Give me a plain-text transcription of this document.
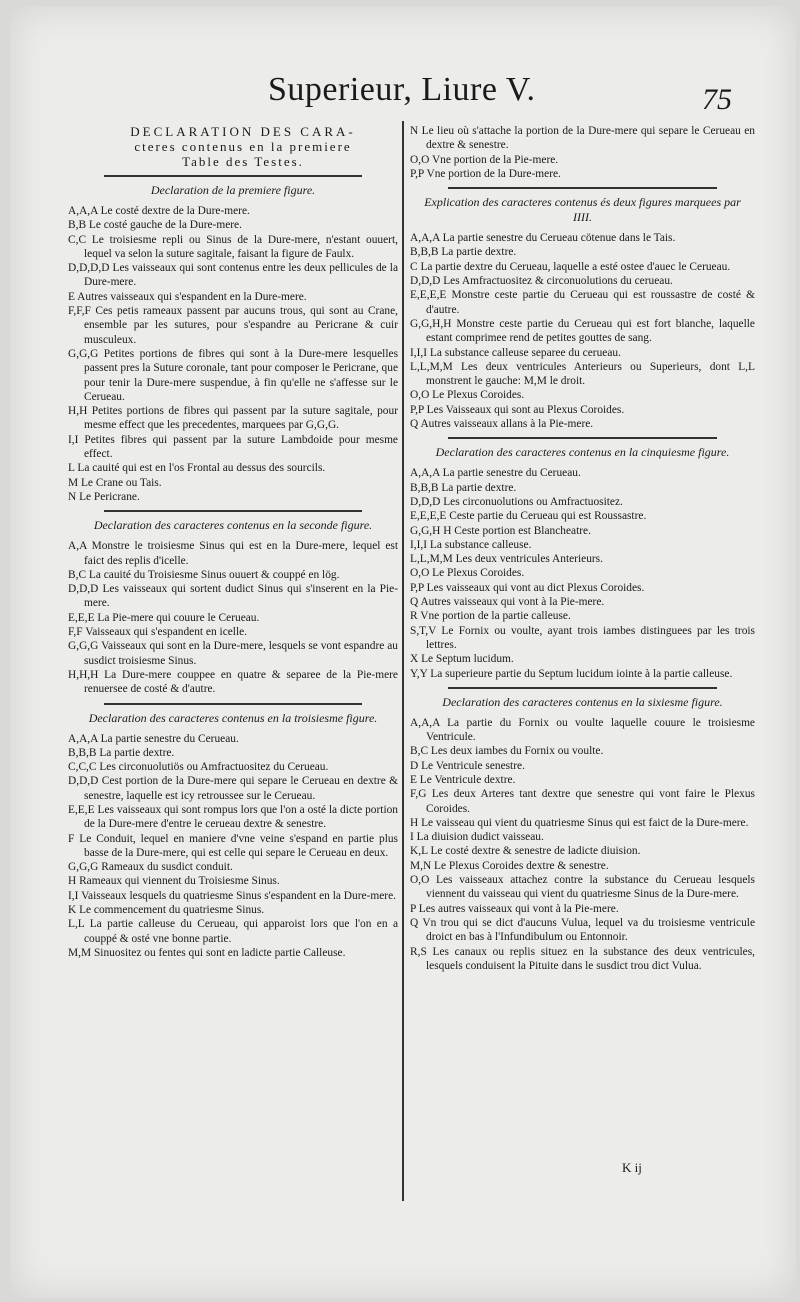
Superieur, Liure V.	75
DECLARATION DES CARA-
cteres contenus en la premiere
Table des Testes.
Declaration de la premiere figure.

A,A,A Le costé dextre de la Dure-mere.

B,B Le costé gauche de la Dure-mere.

C,C Le troisiesme repli ou Sinus de la Dure-mere, n'estant ouuert, lequel va selon la suture sagitale, faisant la figure de Faulx.

D,D,D,D Les vaisseaux qui sont contenus entre les deux pellicules de la Dure-mere.

E Autres vaisseaux qui s'espandent en la Dure-mere.

F,F,F Ces petis rameaux passent par aucuns trous, qui sont au Crane, ensemble par les sutures, pour s'espandre au Pericrane & cuir musculeux.

G,G,G Petites portions de fibres qui sont à la Dure-mere lesquelles passent pres la Suture coronale, tant pour composer le Pericrane, que pour tenir la Dure-mere suspendue, à fin qu'elle ne s'affesse sur le Cerueau.

H,H Petites portions de fibres qui passent par la suture sagitale, pour mesme effect que les precedentes, marquees par G,G,G.

I,I Petites fibres qui passent par la suture Lambdoide pour mesme effect.

L La cauité qui est en l'os Frontal au dessus des sourcils.

M Le Crane ou Tais.

N Le Pericrane.

Declaration des caracteres contenus en la seconde figure.

A,A Monstre le troisiesme Sinus qui est en la Dure-mere, lequel est faict des replis d'icelle.

B,C La cauité du Troisiesme Sinus ouuert & couppé en lög.

D,D,D Les vaisseaux qui sortent dudict Sinus qui s'inserent en la Pie-mere.

E,E,E La Pie-mere qui couure le Cerueau.

F,F Vaisseaux qui s'espandent en icelle.

G,G,G Vaisseaux qui sont en la Dure-mere, lesquels se vont espandre au susdict troisiesme Sinus.

H,H,H La Dure-mere couppee en quatre & separee de la Pie-mere renuersee de costé & d'autre.

Declaration des caracteres contenus en la troisiesme figure.

A,A,A La partie senestre du Cerueau.

B,B,B La partie dextre.

C,C,C Les circonuolutiös ou Amfractuositez du Cerueau.

D,D,D Cest portion de la Dure-mere qui separe le Cerueau en dextre & senestre, laquelle est icy retroussee sur le Cerueau.

E,E,E Les vaisseaux qui sont rompus lors que l'on a osté la dicte portion de la Dure-mere d'entre le cerueau dextre & senestre.

F Le Conduit, lequel en maniere d'vne veine s'espand en partie plus basse de la Dure-mere, qui est celle qui separe le Cerueau en deux.

G,G,G Rameaux du susdict conduit.

H Rameaux qui viennent du Troisiesme Sinus.

I,I Vaisseaux lesquels du quatriesme Sinus s'espandent en la Dure-mere.

K Le commencement du quatriesme Sinus.

L,L La partie calleuse du Cerueau, qui apparoist lors que l'on en a couppé & osté vne bonne partie.

M,M Sinuositez ou fentes qui sont en ladicte partie Calleuse.

N Le lieu où s'attache la portion de la Dure-mere qui separe le Cerueau en dextre & senestre.

O,O Vne portion de la Pie-mere.

P,P Vne portion de la Dure-mere.

Explication des caracteres contenus és deux figures marquees par IIII.

A,A,A La partie senestre du Cerueau cötenue dans le Tais.

B,B,B La partie dextre.

C La partie dextre du Cerueau, laquelle a esté ostee d'auec le Cerueau.

D,D,D Les Amfractuositez & circonuolutions du cerueau.

E,E,E,E Monstre ceste partie du Cerueau qui est roussastre de costé & d'autre.

G,G,H,H Monstre ceste partie du Cerueau qui est fort blanche, laquelle estant comprimee rend de petites gouttes de sang.

I,I,I La substance calleuse separee du cerueau.

L,L,M,M Les deux ventricules Anterieurs ou Superieurs, dont L,L monstrent le gauche: M,M le droit.

O,O Le Plexus Coroides.

P,P Les Vaisseaux qui sont au Plexus Coroides.

Q Autres vaisseaux allans à la Pie-mere.

Declaration des caracteres contenus en la cinquiesme figure.

A,A,A La partie senestre du Cerueau.

B,B,B La partie dextre.

D,D,D Les circonuolutions ou Amfractuositez.

E,E,E,E Ceste partie du Cerueau qui est Roussastre.

G,G,H H Ceste portion est Blancheatre.

I,I,I La substance calleuse.

L,L,M,M Les deux ventricules Anterieurs.

O,O Le Plexus Coroides.

P,P Les vaisseaux qui vont au dict Plexus Coroides.

Q Autres vaisseaux qui vont à la Pie-mere.

R Vne portion de la partie calleuse.

S,T,V Le Fornix ou voulte, ayant trois iambes distinguees par les trois lettres.

X Le Septum lucidum.

Y,Y La superieure partie du Septum lucidum iointe à la partie calleuse.

Declaration des caracteres contenus en la sixiesme figure.

A,A,A La partie du Fornix ou voulte laquelle couure le troisiesme Ventricule.

B,C Les deux iambes du Fornix ou voulte.

D Le Ventricule senestre.

E Le Ventricule dextre.

F,G Les deux Arteres tant dextre que senestre qui vont faire le Plexus Coroides.

H Le vaisseau qui vient du quatriesme Sinus qui est faict de la Dure-mere.

I La diuision dudict vaisseau.

K,L Le costé dextre & senestre de ladicte diuision.

M,N Le Plexus Coroides dextre & senestre.

O,O Les vaisseaux attachez contre la substance du Cerueau lesquels viennent du vaisseau qui vient du quatriesme Sinus de la Dure-mere.

P Les autres vaisseaux qui vont à la Pie-mere.

Q Vn trou qui se dict d'aucuns Vulua, lequel va du troisiesme ventricule droict en bas à l'Infundibulum ou Entonnoir.

R,S Les canaux ou replis situez en la substance des deux ventricules, lesquels conduisent la Pituite dans le susdict trou dict Vulua.

K ij
